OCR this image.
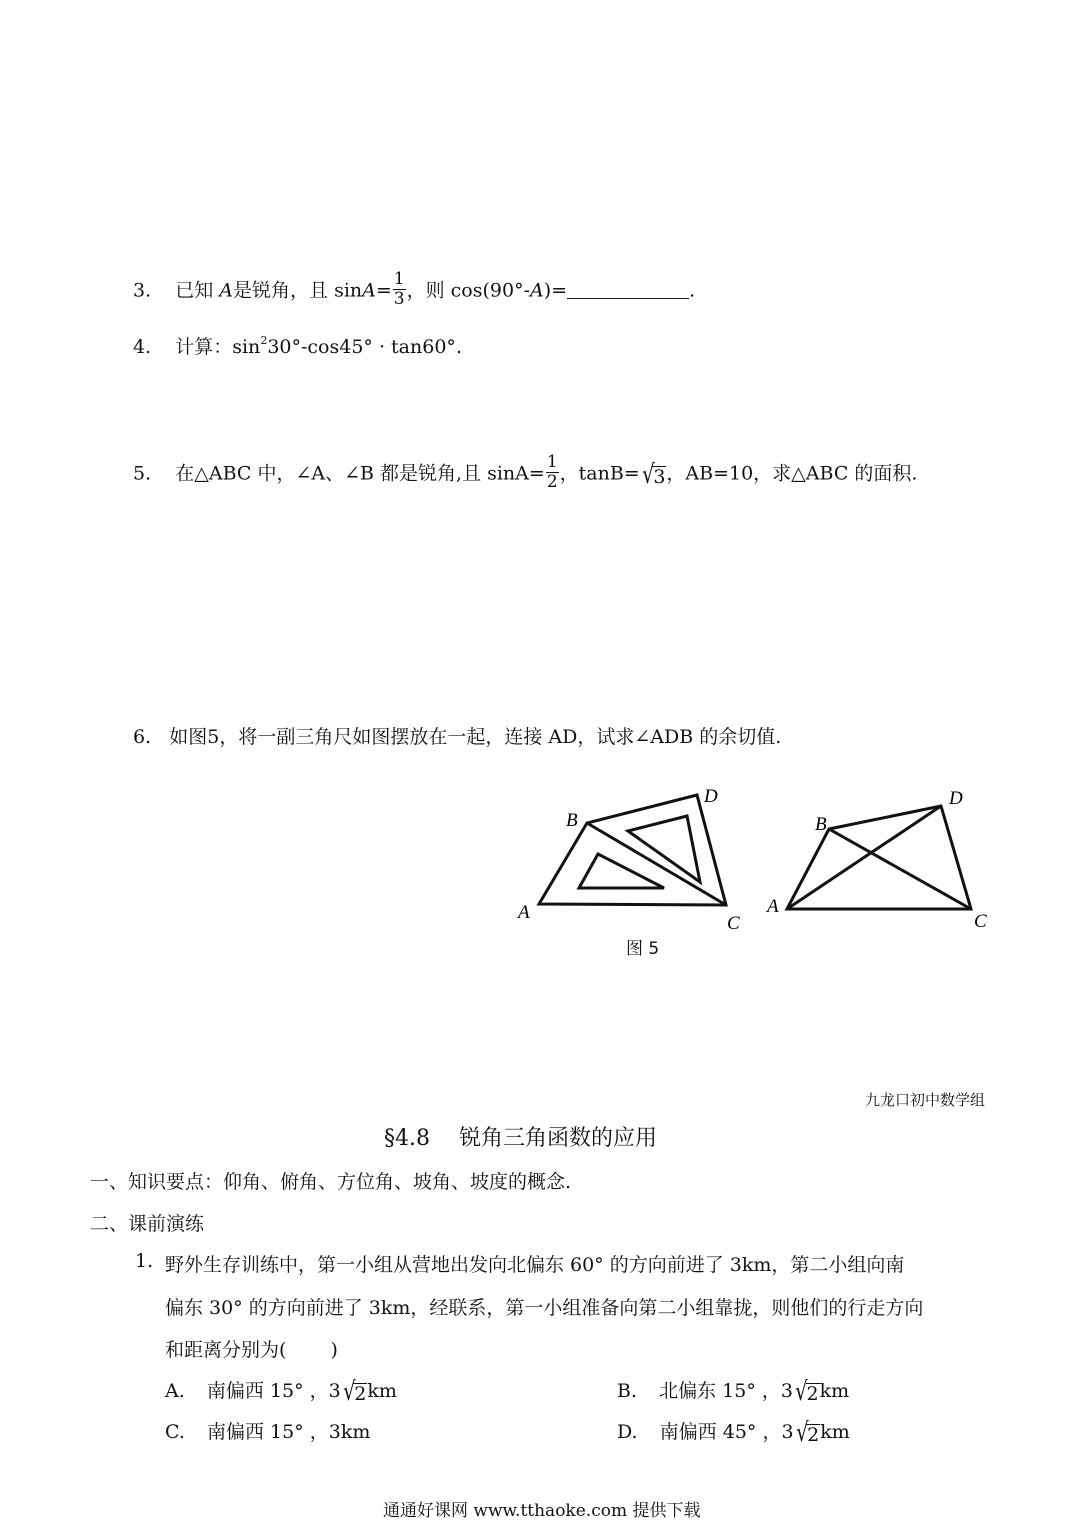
3. 已知 A是锐角，且 $\sin A= \frac{1}{3}$ ，则 cos(90°-A)=	.
4. 计算：$\sin^230^\circ-\cos 45^\circ \cdot \tan 60^\circ$.
5. 在△ABC 中，∠A、∠B 都是锐角,且 $\sin A= \frac{1}{2}$ ，tanB= √ 3 ，AB=10，求△ABC 的面积.
6. 如图5，将一副三角尺如图摆放在一起，连接 AD，试求∠ADB 的余切值.
A
B
C
D
A
B
C
D
图 5
九龙口初中数学组
§4.8　 锐角三角函数的应用
一、知识要点：仰角、俯角、方位角、坡角、坡度的概念.
二、课前演练
1. 野外生存训练中，第一小组从营地出发向北偏东 60° 的方向前进了 3km，第二小组向南
偏东 30° 的方向前进了 3km，经联系，第一小组准备向第二小组靠拢，则他们的行走方向
和距离分别为(　　 )
A. 南偏西 15° ，3 √ 2 km	B. 北偏东 15° ，3 √ 2 km
C. 南偏西 15° ，3km	D. 南偏西 45° ，3 √ 2 km
通通好课网 www.tthaoke.com 提供下载
